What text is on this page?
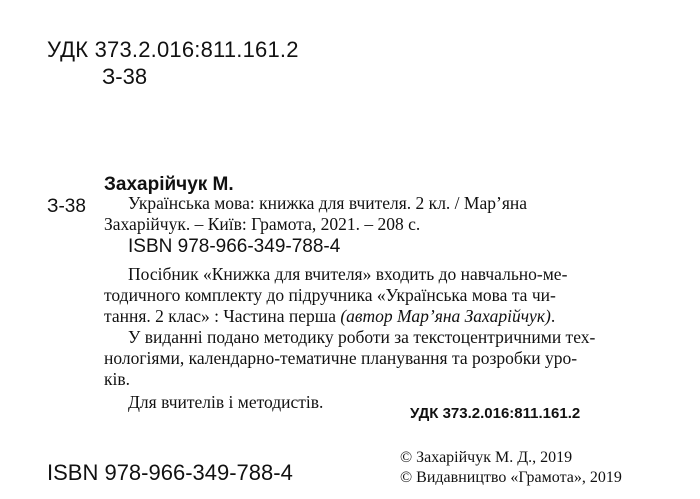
УДК 373.2.016:811.161.2
З-38
Захарійчук М.
З-38 Українська мова: книжка для вчителя. 2 кл. / Мар’яна
Захарійчук. – Київ: Грамота, 2021. – 208 с.
ISBN 978-966-349-788-4
Посібник «Книжка для вчителя» входить до навчально-ме-
тодичного комплекту до підручника «Українська мова та чи-
тання. 2 клас» : Частина перша (автор Мар’яна Захарійчук).
У виданні подано методику роботи за текстоцентричними тех-
нологіями, календарно-тематичне планування та розробки уро-
ків.
Для вчителів і методистів.
УДК 373.2.016:811.161.2
ISBN 978-966-349-788-4
© Захарійчук М. Д., 2019
© Видавництво «Грамота», 2019
